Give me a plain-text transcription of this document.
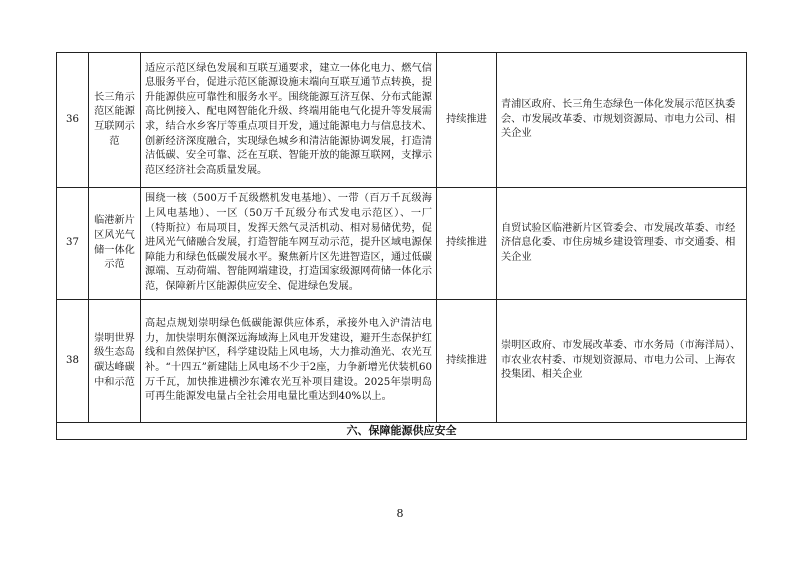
36	长三角示范区能源互联网示范	适应示范区绿色发展和互联互通要求，建立一体化电力、燃气信息服务平台，促进示范区能源设施末端向互联互通节点转换，提升能源供应可靠性和服务水平。围绕能源互济互保、分布式能源高比例接入、配电网智能化升级、终端用能电气化提升等发展需求，结合水乡客厅等重点项目开发，通过能源电力与信息技术、创新经济深度融合，实现绿色城乡和清洁能源协调发展，打造清洁低碳、安全可靠、泛在互联、智能开放的能源互联网，支撑示范区经济社会高质量发展。	持续推进	青浦区政府、长三角生态绿色一体化发展示范区执委会、市发展改革委、市规划资源局、市电力公司、相关企业
37	临港新片区风光气储一体化示范	围绕一核（500万千瓦级燃机发电基地）、一带（百万千瓦级海上风电基地）、一区（50万千瓦级分布式发电示范区）、一厂（特斯拉）布局项目，发挥天然气灵活机动、相对易储优势，促进风光气储融合发展，打造智能车网互动示范，提升区域电源保障能力和绿色低碳发展水平。聚焦新片区先进智造区，通过低碳源端、互动荷端、智能网端建设，打造国家级源网荷储一体化示范，保障新片区能源供应安全、促进绿色发展。	持续推进	自贸试验区临港新片区管委会、市发展改革委、市经济信息化委、市住房城乡建设管理委、市交通委、相关企业
38	崇明世界级生态岛碳达峰碳中和示范	高起点规划崇明绿色低碳能源供应体系，承接外电入沪清洁电力，加快崇明东侧深远海域海上风电开发建设，避开生态保护红线和自然保护区，科学建设陆上风电场，大力推动渔光、农光互补。“十四五”新建陆上风电场不少于2座，力争新增光伏装机60万千瓦，加快推进横沙东滩农光互补项目建设。2025年崇明岛可再生能源发电量占全社会用电量比重达到40%以上。	持续推进	崇明区政府、市发展改革委、市水务局（市海洋局）、市农业农村委、市规划资源局、市电力公司、上海农投集团、相关企业
六、保障能源供应安全				
8
